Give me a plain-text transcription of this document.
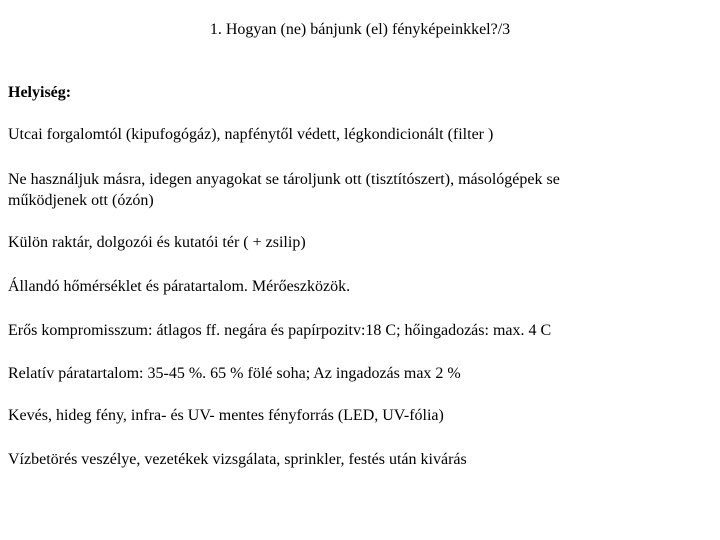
1. Hogyan (ne) bánjunk (el) fényképeinkkel?/3
Helyiség:
Utcai forgalomtól (kipufogógáz), napfénytől védett, légkondicionált (filter )
Ne használjuk másra, idegen anyagokat se tároljunk ott (tisztítószert), másológépek se
működjenek ott (ózón)
Külön raktár, dolgozói és kutatói tér ( + zsilip)
Állandó hőmérséklet és páratartalom. Mérőeszközök.
Erős kompromisszum: átlagos ff. negára és papírpozitv:18 C; hőingadozás: max. 4 C
Relatív páratartalom: 35-45 %. 65 % fölé soha; Az ingadozás max 2 %
Kevés, hideg fény, infra- és UV- mentes fényforrás (LED, UV-fólia)
Vízbetörés veszélye, vezetékek vizsgálata, sprinkler, festés után kivárás
